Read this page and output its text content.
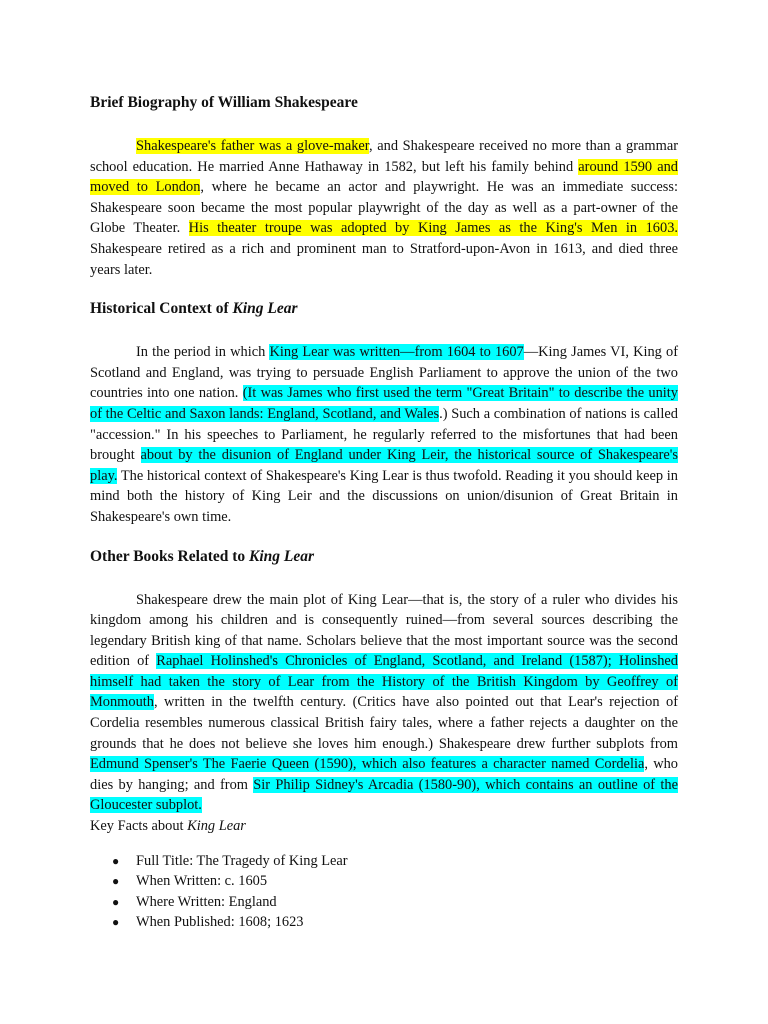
Brief Biography of William Shakespeare

Shakespeare's father was a glove-maker, and Shakespeare received no more than a grammar school education. He married Anne Hathaway in 1582, but left his family behind around 1590 and moved to London, where he became an actor and playwright. He was an immediate success: Shakespeare soon became the most popular playwright of the day as well as a part-owner of the Globe Theater. His theater troupe was adopted by King James as the King's Men in 1603. Shakespeare retired as a rich and prominent man to Stratford-upon-Avon in 1613, and died three years later.

Historical Context of King Lear

In the period in which King Lear was written—from 1604 to 1607—King James VI, King of Scotland and England, was trying to persuade English Parliament to approve the union of the two countries into one nation. (It was James who first used the term "Great Britain" to describe the unity of the Celtic and Saxon lands: England, Scotland, and Wales.) Such a combination of nations is called "accession." In his speeches to Parliament, he regularly referred to the misfortunes that had been brought about by the disunion of England under King Leir, the historical source of Shakespeare's play. The historical context of Shakespeare's King Lear is thus twofold. Reading it you should keep in mind both the history of King Leir and the discussions on union/disunion of Great Britain in Shakespeare's own time.

Other Books Related to King Lear

Shakespeare drew the main plot of King Lear—that is, the story of a ruler who divides his kingdom among his children and is consequently ruined—from several sources describing the legendary British king of that name. Scholars believe that the most important source was the second edition of Raphael Holinshed's Chronicles of England, Scotland, and Ireland (1587); Holinshed himself had taken the story of Lear from the History of the British Kingdom by Geoffrey of Monmouth, written in the twelfth century. (Critics have also pointed out that Lear's rejection of Cordelia resembles numerous classical British fairy tales, where a father rejects a daughter on the grounds that he does not believe she loves him enough.) Shakespeare drew further subplots from Edmund Spenser's The Faerie Queen (1590), which also features a character named Cordelia, who dies by hanging; and from Sir Philip Sidney's Arcadia (1580-90), which contains an outline of the Gloucester subplot.

Key Facts about King Lear

● Full Title: The Tragedy of King Lear
● When Written: c. 1605
● Where Written: England
● When Published: 1608; 1623
